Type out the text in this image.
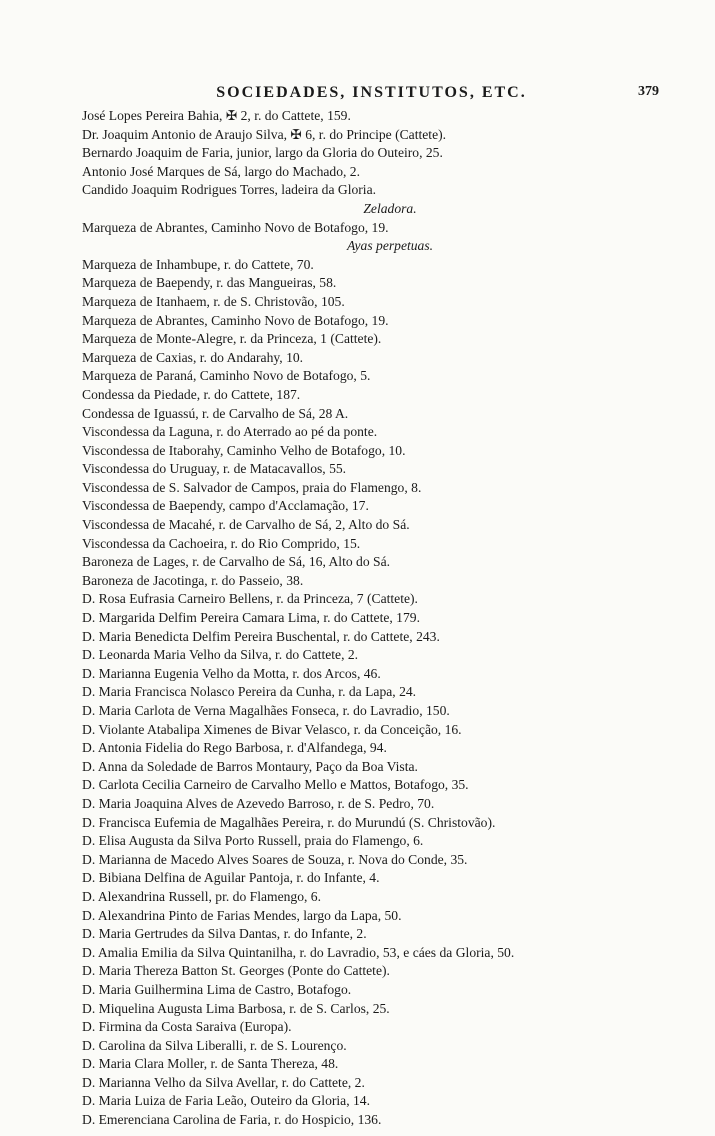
SOCIEDADES, INSTITUTOS, ETC.	379
José Lopes Pereira Bahia, ✠ 2, r. do Cattete, 159.
Dr. Joaquim Antonio de Araujo Silva, ✠ 6, r. do Principe (Cattete).
Bernardo Joaquim de Faria, junior, largo da Gloria do Outeiro, 25.
Antonio José Marques de Sá, largo do Machado, 2.
Candido Joaquim Rodrigues Torres, ladeira da Gloria.
Zeladora.
Marqueza de Abrantes, Caminho Novo de Botafogo, 19.
Ayas perpetuas.
Marqueza de Inhambupe, r. do Cattete, 70.
Marqueza de Baependy, r. das Mangueiras, 58.
Marqueza de Itanhaem, r. de S. Christovão, 105.
Marqueza de Abrantes, Caminho Novo de Botafogo, 19.
Marqueza de Monte-Alegre, r. da Princeza, 1 (Cattete).
Marqueza de Caxias, r. do Andarahy, 10.
Marqueza de Paraná, Caminho Novo de Botafogo, 5.
Condessa da Piedade, r. do Cattete, 187.
Condessa de Iguassú, r. de Carvalho de Sá, 28 A.
Viscondessa da Laguna, r. do Aterrado ao pé da ponte.
Viscondessa de Itaborahy, Caminho Velho de Botafogo, 10.
Viscondessa do Uruguay, r. de Matacavallos, 55.
Viscondessa de S. Salvador de Campos, praia do Flamengo, 8.
Viscondessa de Baependy, campo d'Acclamação, 17.
Viscondessa de Macahé, r. de Carvalho de Sá, 2, Alto do Sá.
Viscondessa da Cachoeira, r. do Rio Comprido, 15.
Baroneza de Lages, r. de Carvalho de Sá, 16, Alto do Sá.
Baroneza de Jacotinga, r. do Passeio, 38.
D. Rosa Eufrasia Carneiro Bellens, r. da Princeza, 7 (Cattete).
D. Margarida Delfim Pereira Camara Lima, r. do Cattete, 179.
D. Maria Benedicta Delfim Pereira Buschental, r. do Cattete, 243.
D. Leonarda Maria Velho da Silva, r. do Cattete, 2.
D. Marianna Eugenia Velho da Motta, r. dos Arcos, 46.
D. Maria Francisca Nolasco Pereira da Cunha, r. da Lapa, 24.
D. Maria Carlota de Verna Magalhães Fonseca, r. do Lavradio, 150.
D. Violante Atabalipa Ximenes de Bivar Velasco, r. da Conceição, 16.
D. Antonia Fidelia do Rego Barbosa, r. d'Alfandega, 94.
D. Anna da Soledade de Barros Montaury, Paço da Boa Vista.
D. Carlota Cecilia Carneiro de Carvalho Mello e Mattos, Botafogo, 35.
D. Maria Joaquina Alves de Azevedo Barroso, r. de S. Pedro, 70.
D. Francisca Eufemia de Magalhães Pereira, r. do Murundú (S. Christovão).
D. Elisa Augusta da Silva Porto Russell, praia do Flamengo, 6.
D. Marianna de Macedo Alves Soares de Souza, r. Nova do Conde, 35.
D. Bibiana Delfina de Aguilar Pantoja, r. do Infante, 4.
D. Alexandrina Russell, pr. do Flamengo, 6.
D. Alexandrina Pinto de Farias Mendes, largo da Lapa, 50.
D. Maria Gertrudes da Silva Dantas, r. do Infante, 2.
D. Amalia Emilia da Silva Quintanilha, r. do Lavradio, 53, e cáes da Gloria, 50.
D. Maria Thereza Batton St. Georges (Ponte do Cattete).
D. Maria Guilhermina Lima de Castro, Botafogo.
D. Miquelina Augusta Lima Barbosa, r. de S. Carlos, 25.
D. Firmina da Costa Saraiva (Europa).
D. Carolina da Silva Liberalli, r. de S. Lourenço.
D. Maria Clara Moller, r. de Santa Thereza, 48.
D. Marianna Velho da Silva Avellar, r. do Cattete, 2.
D. Maria Luiza de Faria Leão, Outeiro da Gloria, 14.
D. Emerenciana Carolina de Faria, r. do Hospicio, 136.
